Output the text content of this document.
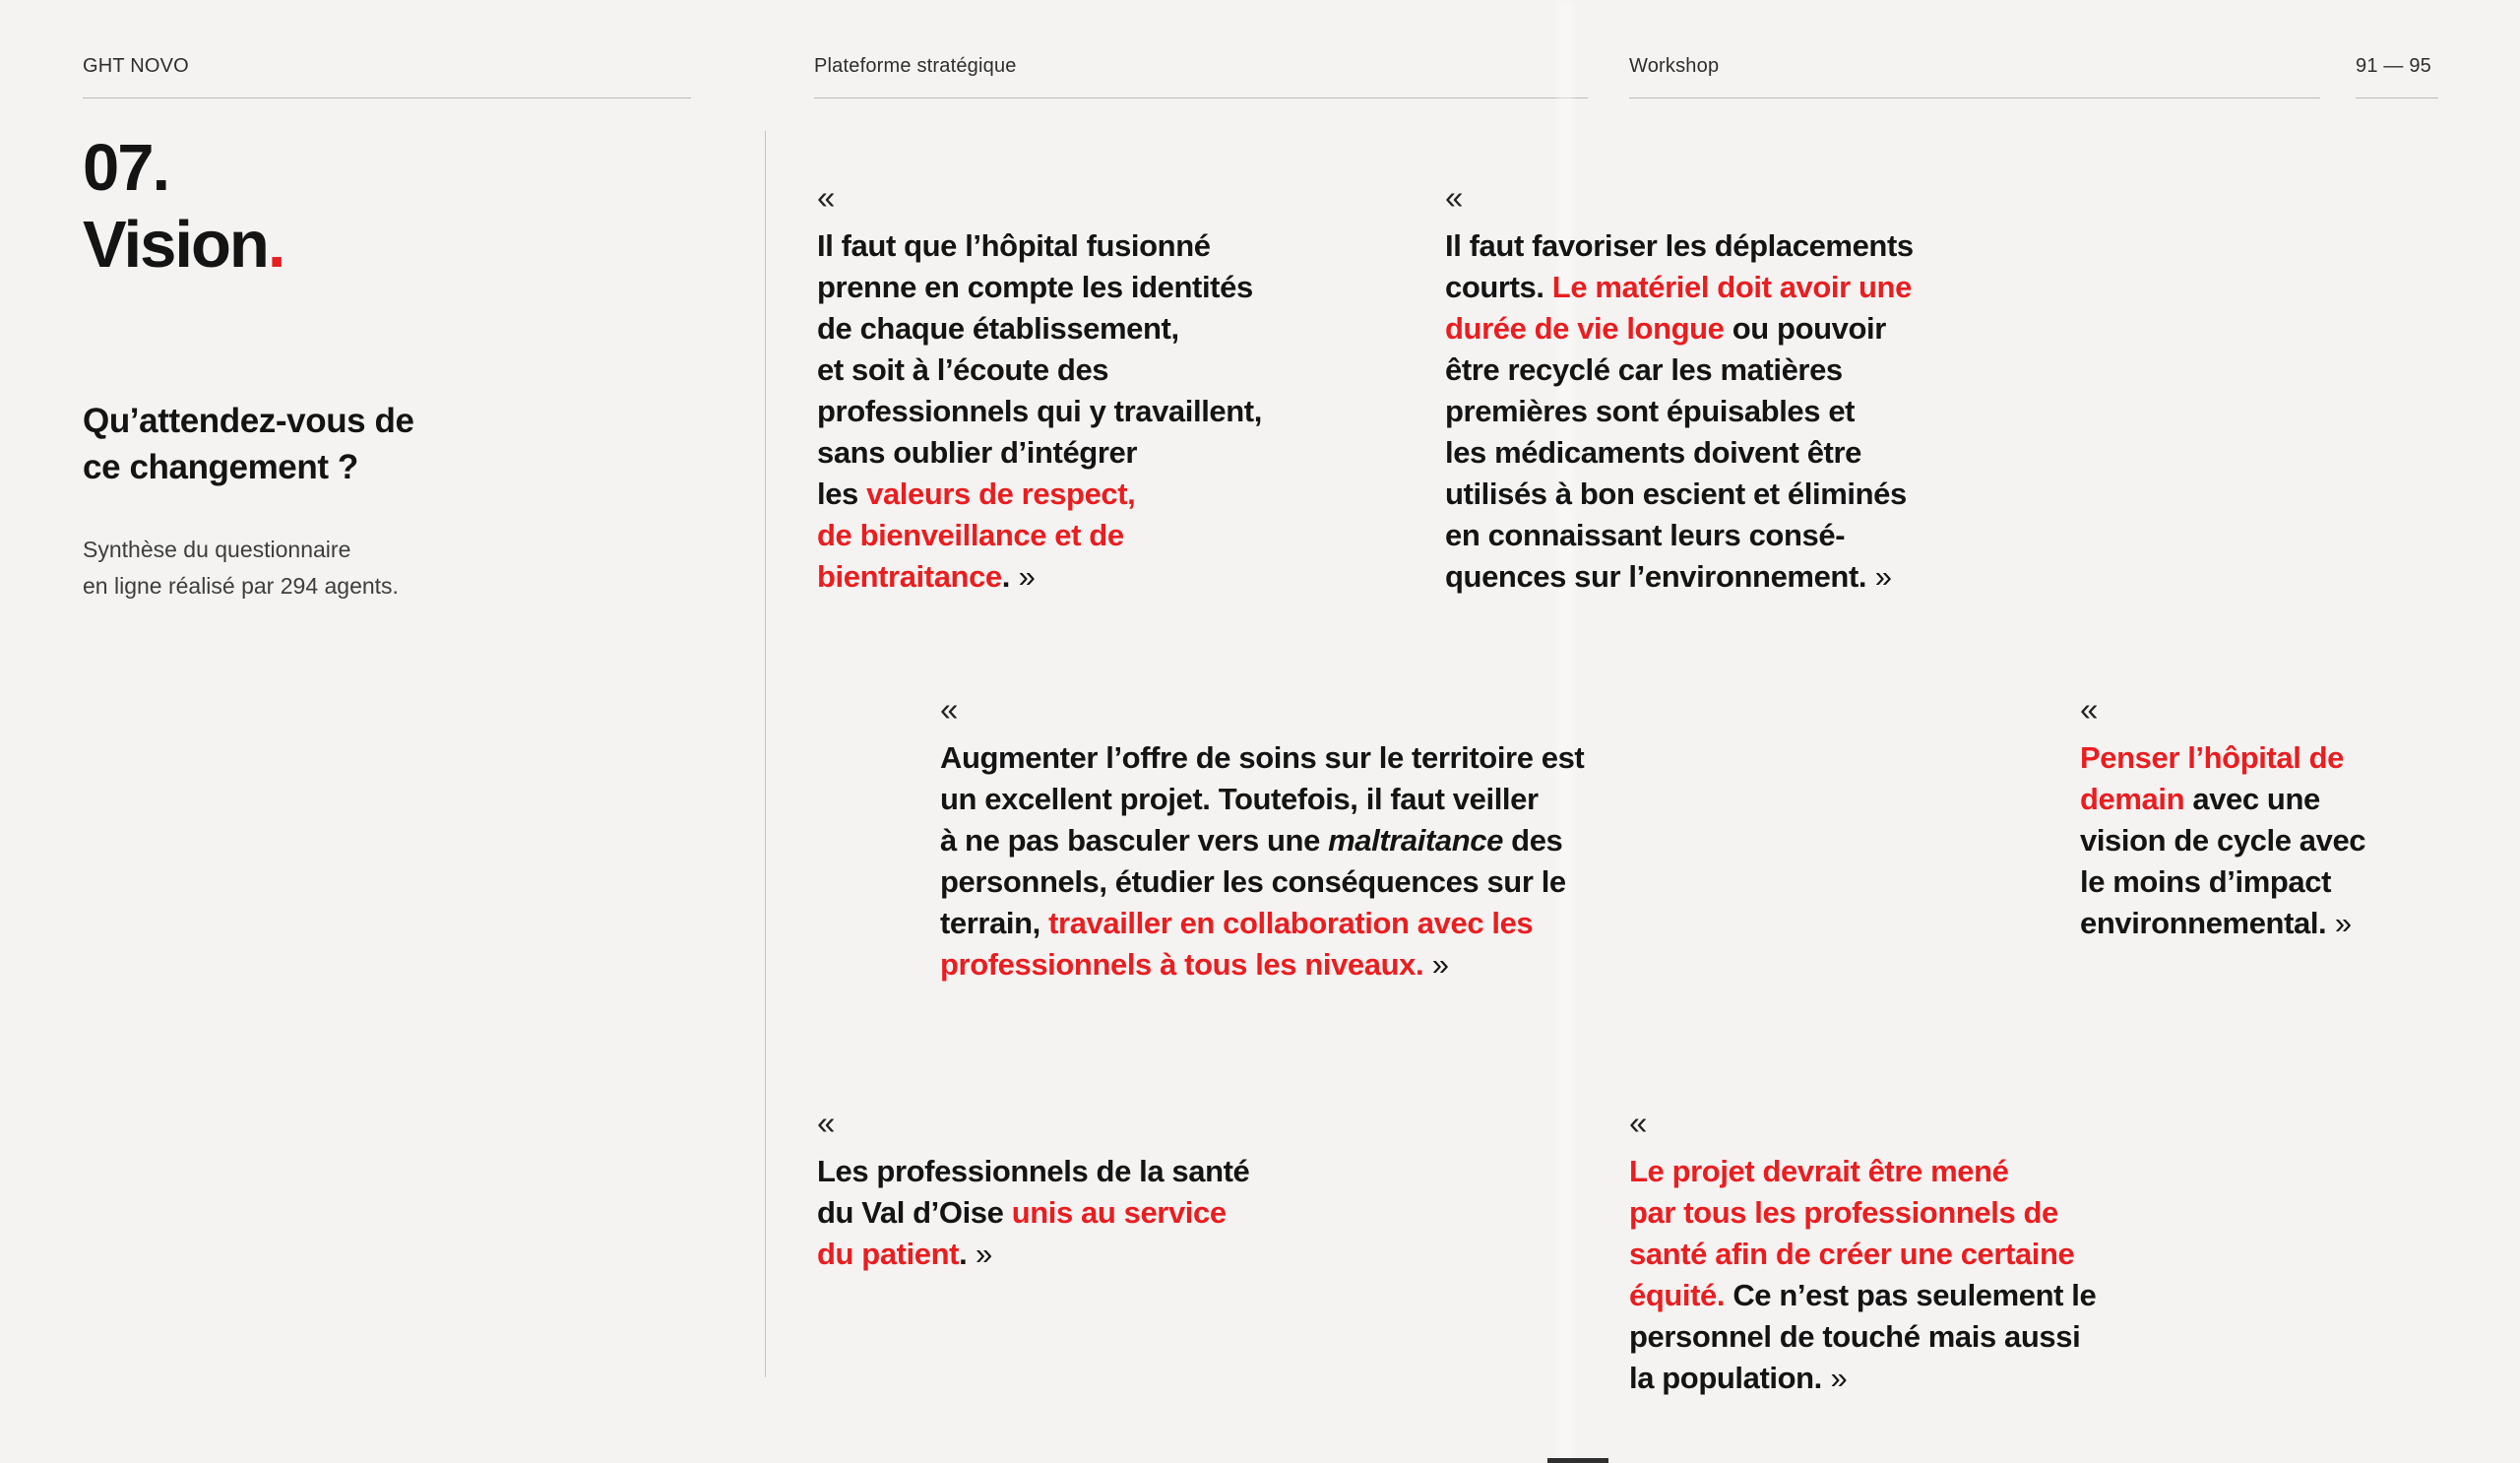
GHT NOVO	Plateforme stratégique	Workshop	91 — 95
07.
Vision.
Qu’attendez-vous de
ce changement ?
Synthèse du questionnaire
en ligne réalisé par 294 agents.
«
Il faut que l’hôpital fusionné
prenne en compte les identités
de chaque établissement,
et soit à l’écoute des
professionnels qui y travaillent,
sans oublier d’intégrer
les valeurs de respect,
de bienveillance et de
bientraitance. »
«
Il faut favoriser les déplacements
courts. Le matériel doit avoir une
durée de vie longue ou pouvoir
être recyclé car les matières
premières sont épuisables et
les médicaments doivent être
utilisés à bon escient et éliminés
en connaissant leurs consé-
quences sur l’environnement. »
«
Augmenter l’offre de soins sur le territoire est
un excellent projet. Toutefois, il faut veiller
à ne pas basculer vers une maltraitance des
personnels, étudier les conséquences sur le
terrain, travailler en collaboration avec les
professionnels à tous les niveaux. »
«
Penser l’hôpital de
demain avec une
vision de cycle avec
le moins d’impact
environnemental. »
«
Les professionnels de la santé
du Val d’Oise unis au service
du patient. »
«
Le projet devrait être mené
par tous les professionnels de
santé afin de créer une certaine
équité. Ce n’est pas seulement le
personnel de touché mais aussi
la population. »
